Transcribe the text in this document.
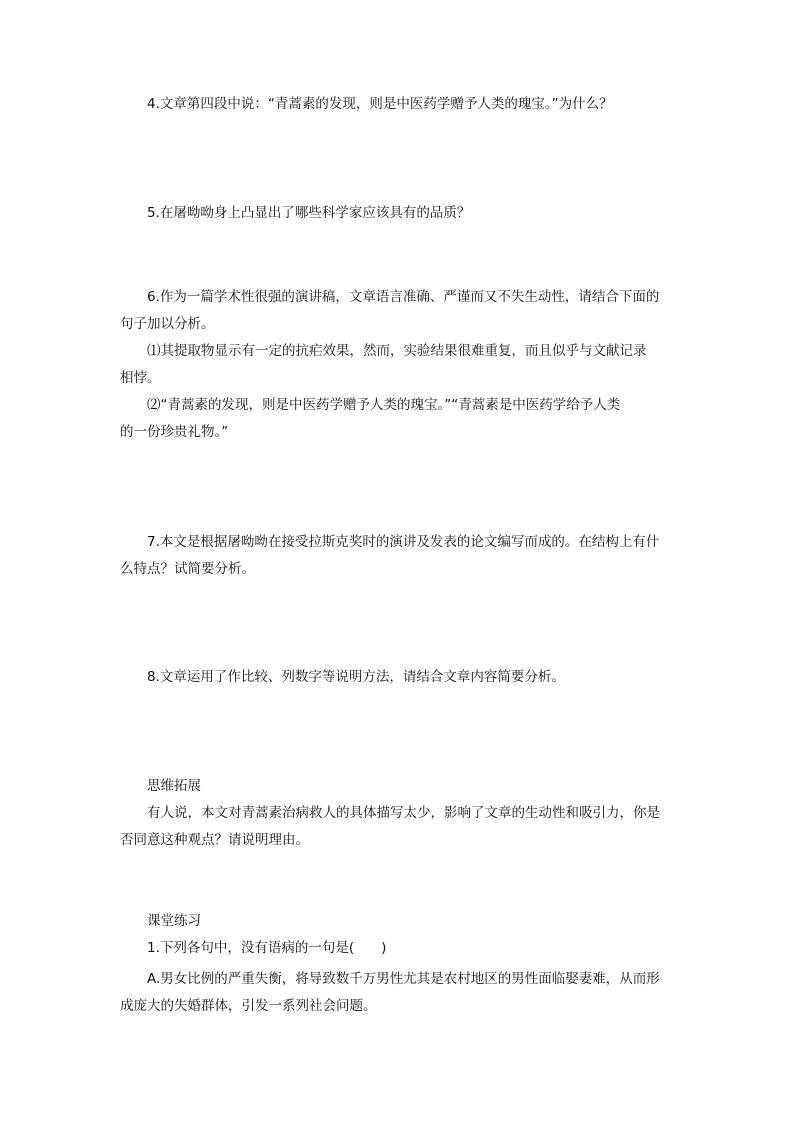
4.文章第四段中说：“青蒿素的发现，则是中医药学赠予人类的瑰宝。”为什么？

5.在屠呦呦身上凸显出了哪些科学家应该具有的品质？

6.作为一篇学术性很强的演讲稿，文章语言准确、严谨而又不失生动性，请结合下面的

句子加以分析。

⑴其提取物显示有一定的抗疟效果，然而，实验结果很难重复，而且似乎与文献记录

相悖。

⑵“青蒿素的发现，则是中医药学赠予人类的瑰宝。”“青蒿素是中医药学给予人类

的一份珍贵礼物。”

7.本文是根据屠呦呦在接受拉斯克奖时的演讲及发表的论文编写而成的。在结构上有什

么特点？试简要分析。

8.文章运用了作比较、列数字等说明方法，请结合文章内容简要分析。

思维拓展

有人说，本文对青蒿素治病救人的具体描写太少，影响了文章的生动性和吸引力，你是

否同意这种观点？请说明理由。

课堂练习

1.下列各句中，没有语病的一句是(　　)

A.男女比例的严重失衡，将导致数千万男性尤其是农村地区的男性面临娶妻难，从而形

成庞大的失婚群体，引发一系列社会问题。
